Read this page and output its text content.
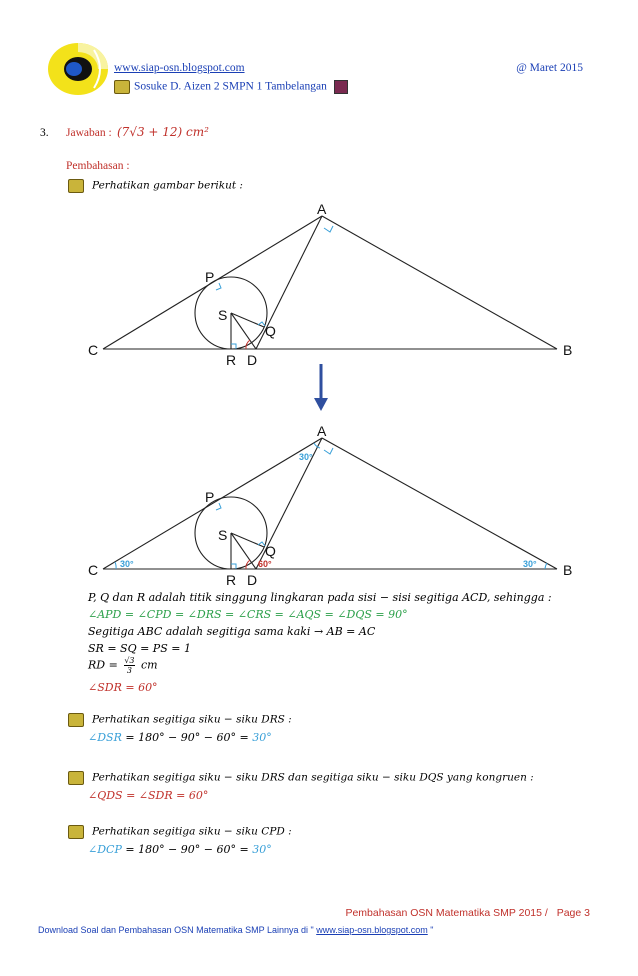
www.siap-osn.blogspot.com	@ Maret 2015
Sosuke D. Aizen 2 SMPN 1 Tambelangan
3. Jawaban : (7√3 + 12) cm²
Pembahasan :
Perhatikan gambar berikut :
A
B
C
P
S
Q
R D
A
B
C
P
S
Q
R D
30°
30°	30°
60°
P, Q dan R adalah titik singgung lingkaran pada sisi − sisi segitiga ACD, sehingga :
∠APD = ∠CPD = ∠DRS = ∠CRS = ∠AQS = ∠DQS = 90°
Segitiga ABC adalah segitiga sama kaki → AB = AC
SR = SQ = PS = 1
RD = $\frac{√3}{3}$ cm
∠SDR = 60°
Perhatikan segitiga siku − siku DRS :
∠DSR = 180° − 90° − 60° = 30°
Perhatikan segitiga siku − siku DRS dan segitiga siku − siku DQS yang kongruen :
∠QDS = ∠SDR = 60°
Perhatikan segitiga siku − siku CPD :
∠DCP = 180° − 90° − 60° = 30°
Pembahasan OSN Matematika SMP 2015 / Page 3
Download Soal dan Pembahasan OSN Matematika SMP Lainnya di " www.siap-osn.blogspot.com "
